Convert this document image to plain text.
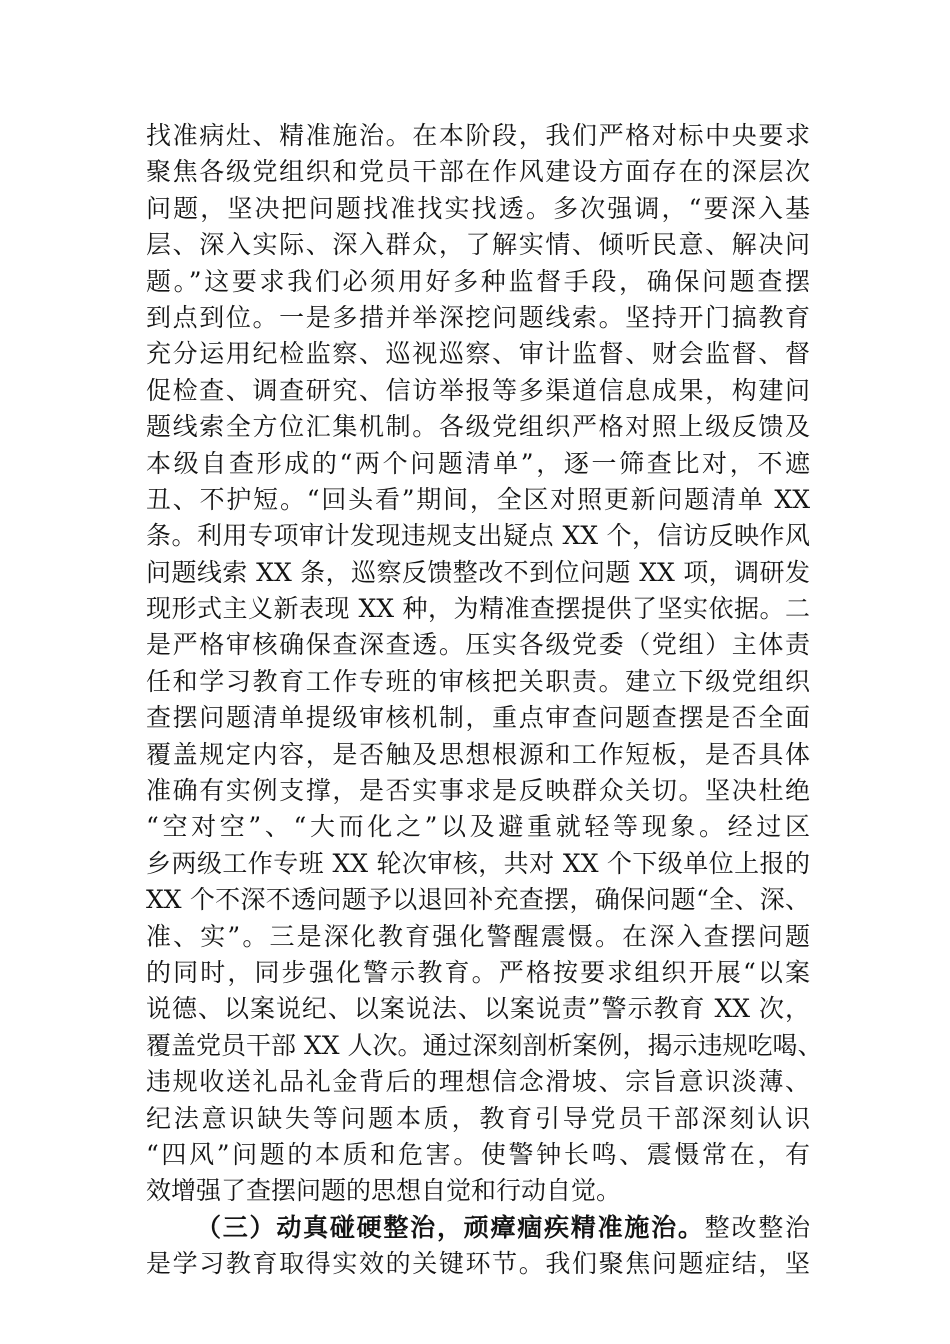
找准病灶、精准施治。在本阶段，我们严格对标中央要求
聚焦各级党组织和党员干部在作风建设方面存在的深层次
问题，坚决把问题找准找实找透。多次强调，“要深入基
层、深入实际、深入群众，了解实情、倾听民意、解决问
题。”这要求我们必须用好多种监督手段，确保问题查摆
到点到位。一是多措并举深挖问题线索。坚持开门搞教育
充分运用纪检监察、巡视巡察、审计监督、财会监督、督
促检查、调查研究、信访举报等多渠道信息成果，构建问
题线索全方位汇集机制。各级党组织严格对照上级反馈及
本级自查形成的“两个问题清单”，逐一筛查比对，不遮
丑、不护短。“回头看”期间，全区对照更新问题清单 XX
条。利用专项审计发现违规支出疑点 XX 个，信访反映作风
问题线索 XX 条，巡察反馈整改不到位问题 XX 项，调研发
现形式主义新表现 XX 种，为精准查摆提供了坚实依据。二
是严格审核确保查深查透。压实各级党委（党组）主体责
任和学习教育工作专班的审核把关职责。建立下级党组织
查摆问题清单提级审核机制，重点审查问题查摆是否全面
覆盖规定内容，是否触及思想根源和工作短板，是否具体
准确有实例支撑，是否实事求是反映群众关切。坚决杜绝
“空对空”、“大而化之”以及避重就轻等现象。经过区
乡两级工作专班 XX 轮次审核，共对 XX 个下级单位上报的
XX 个不深不透问题予以退回补充查摆，确保问题“全、深、
准、实”。三是深化教育强化警醒震慑。在深入查摆问题
的同时，同步强化警示教育。严格按要求组织开展“以案
说德、以案说纪、以案说法、以案说责”警示教育 XX 次，
覆盖党员干部 XX 人次。通过深刻剖析案例，揭示违规吃喝、
违规收送礼品礼金背后的理想信念滑坡、宗旨意识淡薄、
纪法意识缺失等问题本质，教育引导党员干部深刻认识
“四风”问题的本质和危害。使警钟长鸣、震慑常在，有
效增强了查摆问题的思想自觉和行动自觉。
（三）动真碰硬整治，顽瘴痼疾精准施治。整改整治
是学习教育取得实效的关键环节。我们聚焦问题症结，坚
